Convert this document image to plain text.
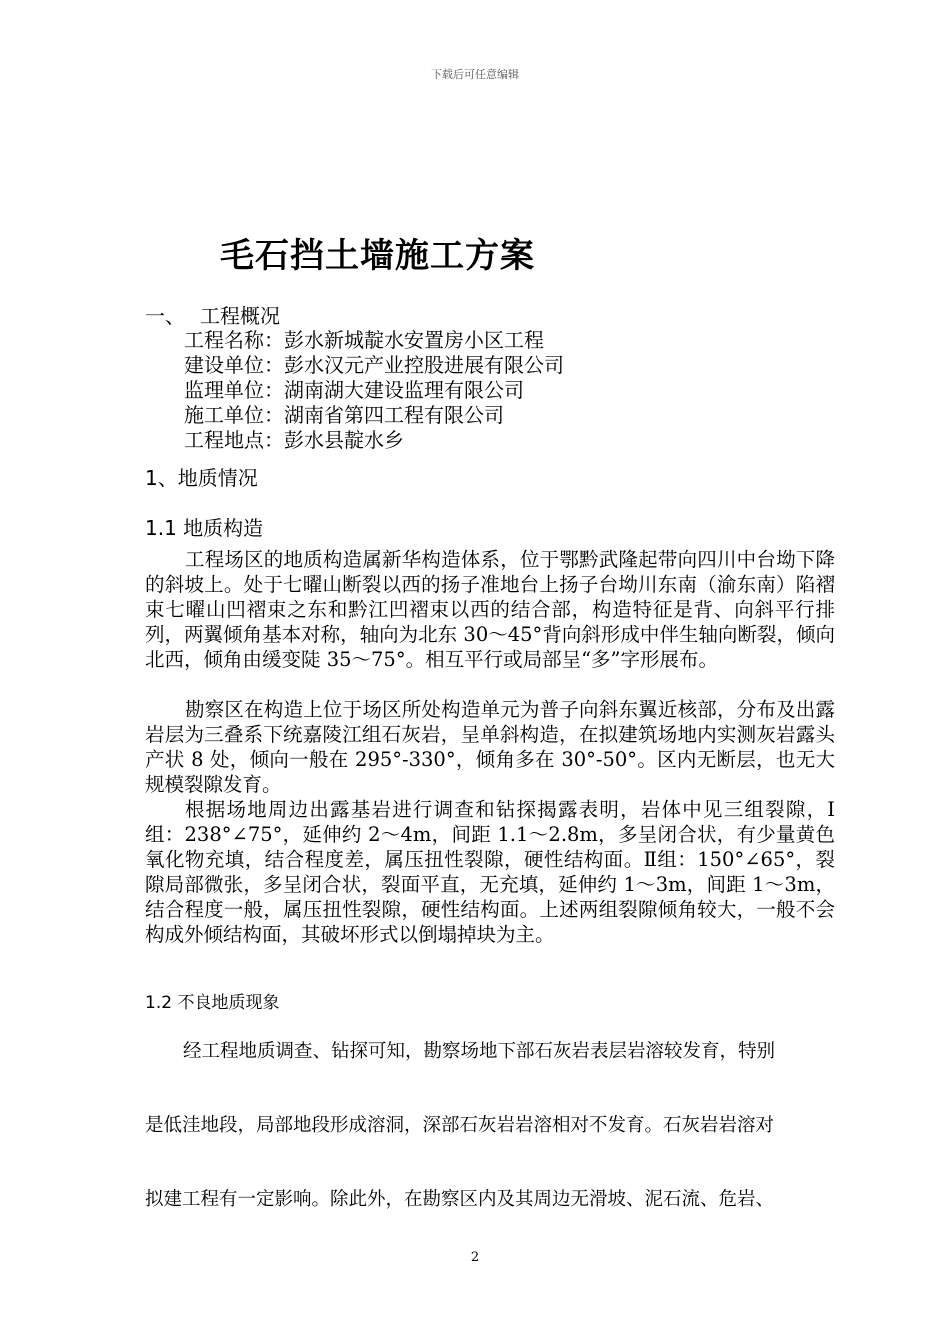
下载后可任意编辑
毛石挡土墙施工方案
一、 工程概况
工程名称：彭水新城靛水安置房小区工程
建设单位：彭水汉元产业控股进展有限公司
监理单位：湖南湖大建设监理有限公司
施工单位：湖南省第四工程有限公司
工程地点：彭水县靛水乡
1、地质情况
1.1 地质构造

工程场区的地质构造属新华构造体系，位于鄂黔武隆起带向四川中台坳下降的斜坡上。处于七曜山断裂以西的扬子准地台上扬子台坳川东南（渝东南）陷褶束七曜山凹褶束之东和黔江凹褶束以西的结合部，构造特征是背、向斜平行排列，两翼倾角基本对称，轴向为北东 30～45°背向斜形成中伴生轴向断裂，倾向北西，倾角由缓变陡 35～75°。相互平行或局部呈“多”字形展布。

勘察区在构造上位于场区所处构造单元为普子向斜东翼近核部，分布及出露岩层为三叠系下统嘉陵江组石灰岩，呈单斜构造，在拟建筑场地内实测灰岩露头产状 8 处，倾向一般在 295°-330°，倾角多在 30°-50°。区内无断层，也无大规模裂隙发育。

根据场地周边出露基岩进行调查和钻探揭露表明，岩体中见三组裂隙，Ⅰ组：238°∠75°，延伸约 2～4m，间距 1.1～2.8m，多呈闭合状，有少量黄色氧化物充填，结合程度差，属压扭性裂隙，硬性结构面。Ⅱ组：150°∠65°，裂隙局部微张，多呈闭合状，裂面平直，无充填，延伸约 1～3m，间距 1～3m，结合程度一般，属压扭性裂隙，硬性结构面。上述两组裂隙倾角较大，一般不会构成外倾结构面，其破坏形式以倒塌掉块为主。

1.2 不良地质现象
经工程地质调查、钻探可知，勘察场地下部石灰岩表层岩溶较发育，特别
是低洼地段，局部地段形成溶洞，深部石灰岩岩溶相对不发育。石灰岩岩溶对
拟建工程有一定影响。除此外，在勘察区内及其周边无滑坡、泥石流、危岩、
2
